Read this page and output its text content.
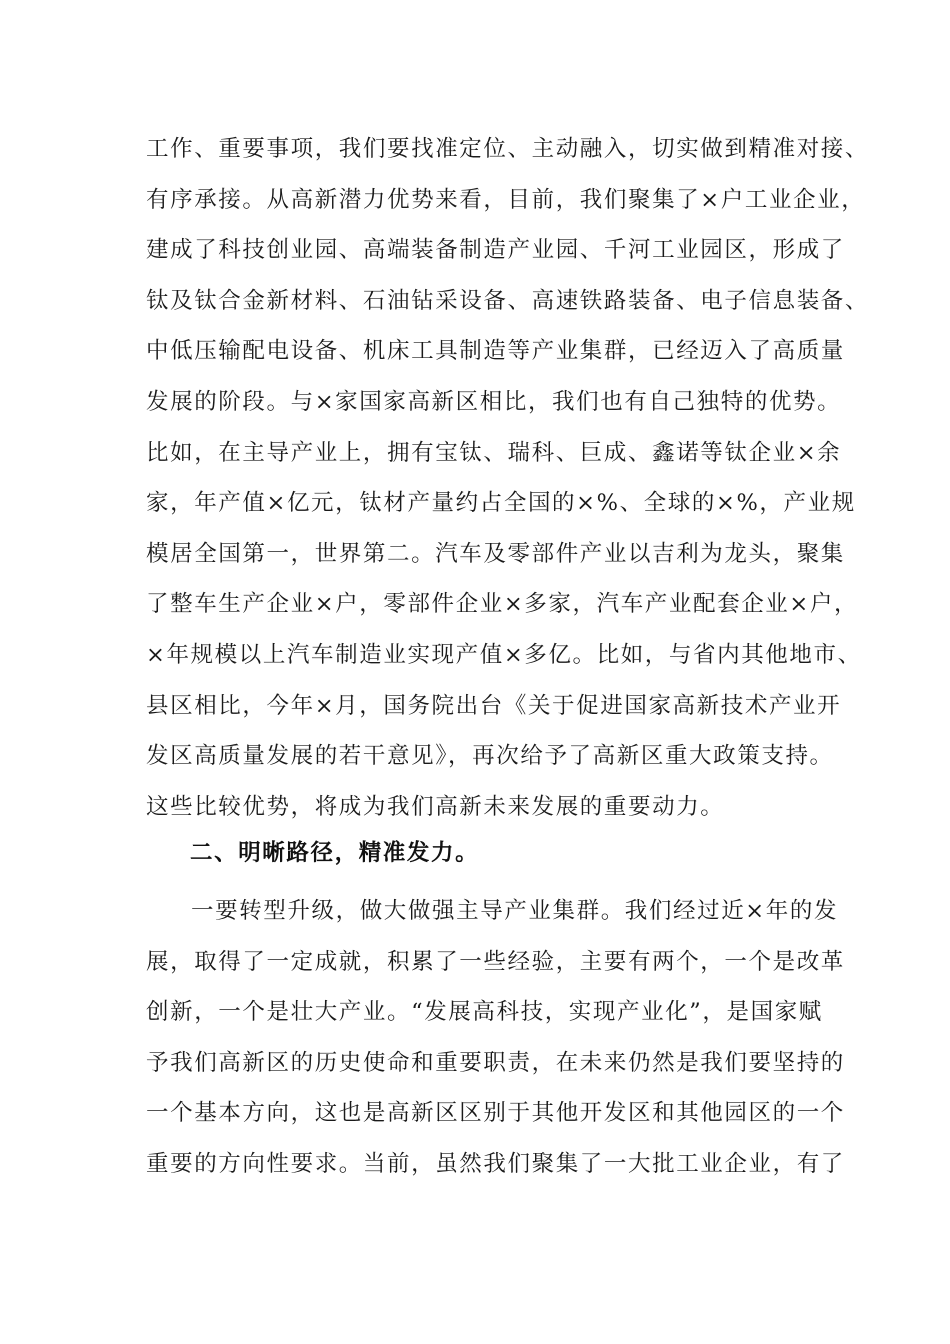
工作、重要事项，我们要找准定位、主动融入，切实做到精准对接、
有序承接。从高新潜力优势来看，目前，我们聚集了×户工业企业，
建成了科技创业园、高端装备制造产业园、千河工业园区，形成了
钛及钛合金新材料、石油钻采设备、高速铁路装备、电子信息装备、
中低压输配电设备、机床工具制造等产业集群，已经迈入了高质量
发展的阶段。与×家国家高新区相比，我们也有自己独特的优势。
比如，在主导产业上，拥有宝钛、瑞科、巨成、鑫诺等钛企业×余
家，年产值×亿元，钛材产量约占全国的×%、全球的×%，产业规
模居全国第一，世界第二。汽车及零部件产业以吉利为龙头，聚集
了整车生产企业×户，零部件企业×多家，汽车产业配套企业×户，
×年规模以上汽车制造业实现产值×多亿。比如，与省内其他地市、
县区相比，今年×月，国务院出台《关于促进国家高新技术产业开
发区高质量发展的若干意见》，再次给予了高新区重大政策支持。
这些比较优势，将成为我们高新未来发展的重要动力。
二、明晰路径，精准发力。
一要转型升级，做大做强主导产业集群。我们经过近×年的发
展，取得了一定成就，积累了一些经验，主要有两个，一个是改革
创新，一个是壮大产业。“发展高科技，实现产业化”，是国家赋
予我们高新区的历史使命和重要职责，在未来仍然是我们要坚持的
一个基本方向，这也是高新区区别于其他开发区和其他园区的一个
重要的方向性要求。当前，虽然我们聚集了一大批工业企业，有了
